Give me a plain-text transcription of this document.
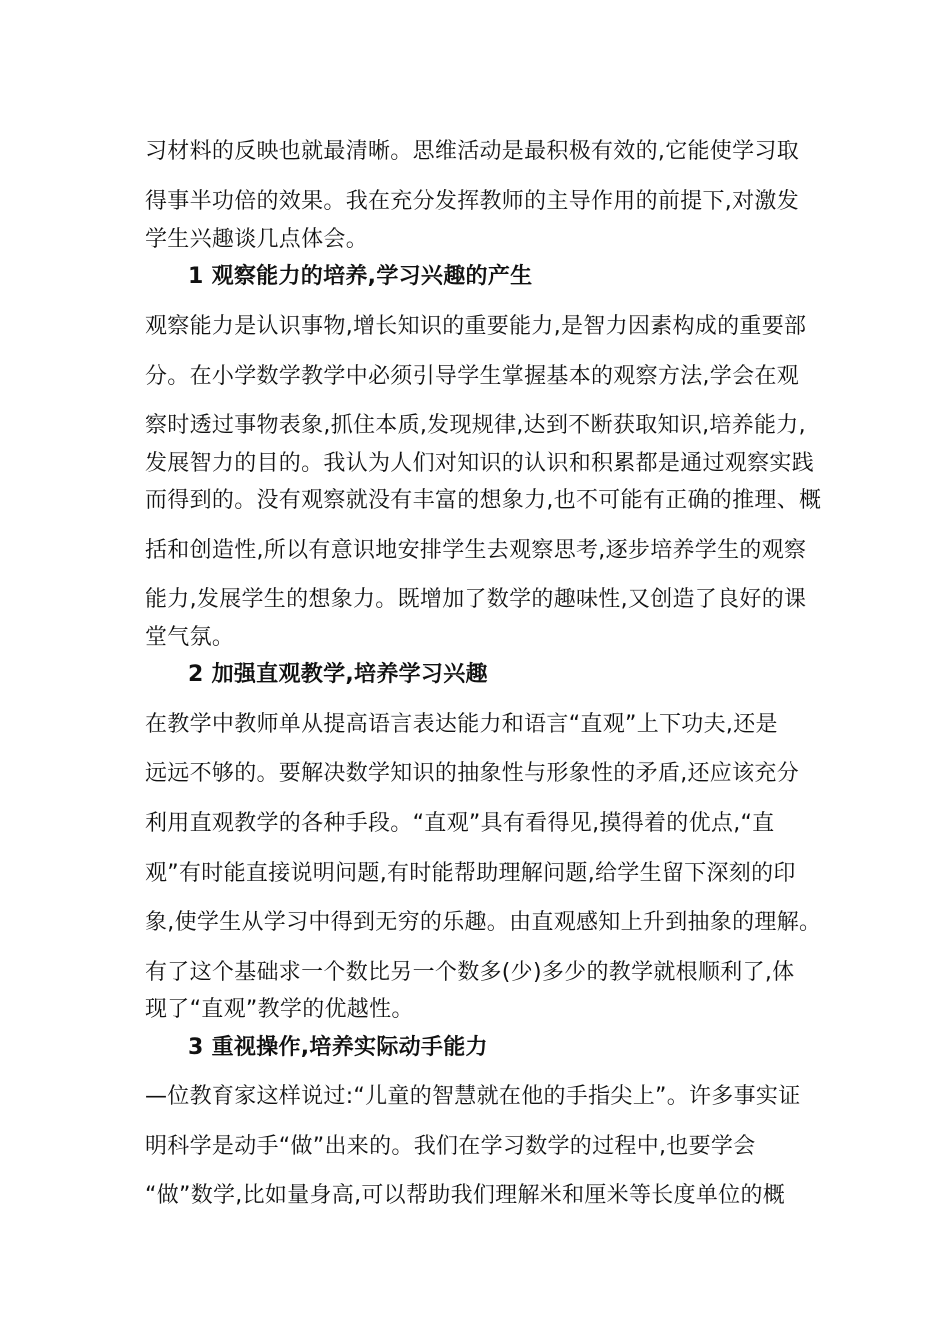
习材料的反映也就最清晰。思维活动是最积极有效的,它能使学习取
得事半功倍的效果。我在充分发挥教师的主导作用的前提下,对激发
学生兴趣谈几点体会。
1 观察能力的培养,学习兴趣的产生
观察能力是认识事物,增长知识的重要能力,是智力因素构成的重要部
分。在小学数学教学中必须引导学生掌握基本的观察方法,学会在观
察时透过事物表象,抓住本质,发现规律,达到不断获取知识,培养能力,
发展智力的目的。我认为人们对知识的认识和积累都是通过观察实践
而得到的。没有观察就没有丰富的想象力,也不可能有正确的推理、概
括和创造性,所以有意识地安排学生去观察思考,逐步培养学生的观察
能力,发展学生的想象力。既增加了数学的趣味性,又创造了良好的课
堂气氛。
2 加强直观教学,培养学习兴趣
在教学中教师单从提高语言表达能力和语言“直观”上下功夫,还是
远远不够的。要解决数学知识的抽象性与形象性的矛盾,还应该充分
利用直观教学的各种手段。“直观”具有看得见,摸得着的优点,“直
观”有时能直接说明问题,有时能帮助理解问题,给学生留下深刻的印
象,使学生从学习中得到无穷的乐趣。由直观感知上升到抽象的理解。
有了这个基础求一个数比另一个数多(少)多少的教学就根顺利了,体
现了“直观”教学的优越性。
3 重视操作,培养实际动手能力
—位教育家这样说过:“儿童的智慧就在他的手指尖上”。许多事实证
明科学是动手“做”出来的。我们在学习数学的过程中,也要学会
“做”数学,比如量身高,可以帮助我们理解米和厘米等长度单位的概
